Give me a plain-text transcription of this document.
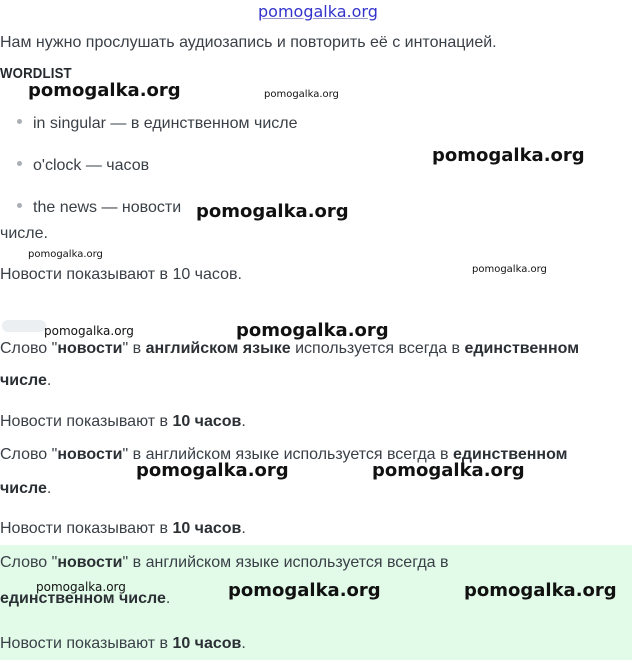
pomogalka.org

Нам нужно прослушать аудиозапись и повторить её с интонацией.

WORDLIST
in singular — в единственном числе
o'clock — часов
the news — новости

числе.

Новости показывают в 10 часов.

Слово "новости" в английском языке используется всегда в единственном

числе.

Новости показывают в 10 часов.

Слово "новости" в английском языке используется всегда в единственном

числе.

Новости показывают в 10 часов.

Слово "новости" в английском языке используется всегда в

единственном числе.

Новости показывают в 10 часов.

pomogalka.org	pomogalka.org
pomogalka.org
pomogalka.org
pomogalka.org
pomogalka.org
pomogalka.org	pomogalka.org
pomogalka.org	pomogalka.org
pomogalka.org	pomogalka.org	pomogalka.org
